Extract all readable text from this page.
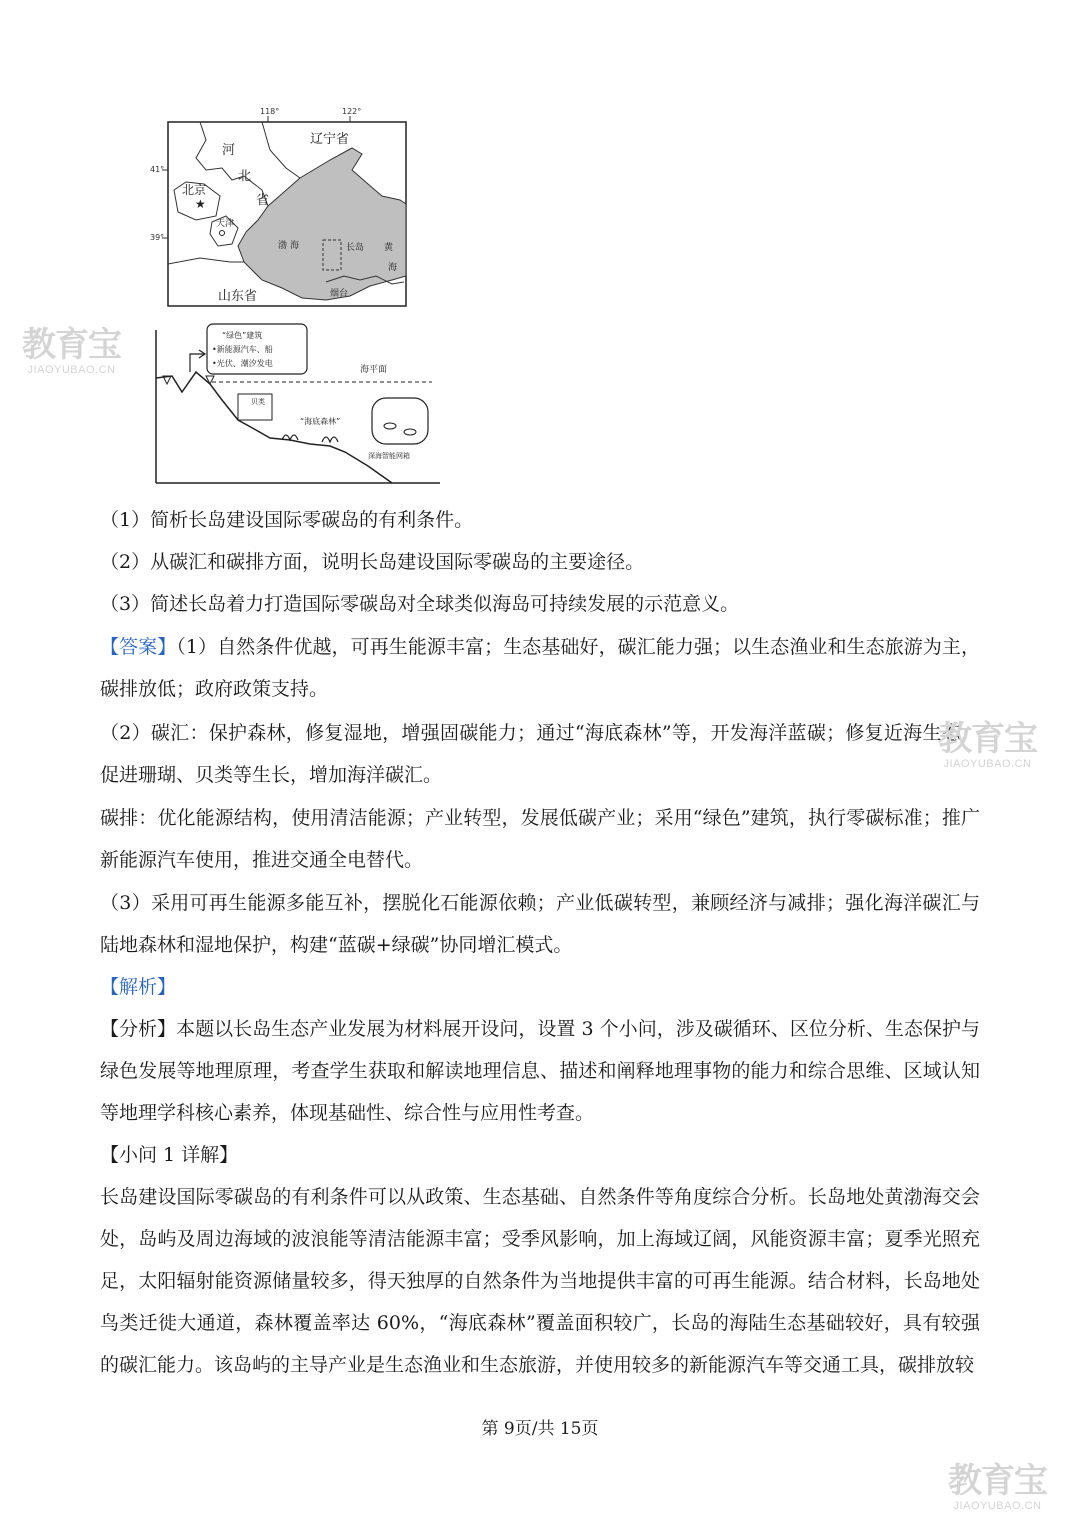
118°	122°
41°
39°
辽宁省
河
北
省
北京
★
天津
渤 海	长岛 黄
海
烟台
山东省
海平面
“绿色”建筑
•新能源汽车、船
•光伏、潮汐发电
贝类
“海底森林”
深海智能网箱

（1）简析长岛建设国际零碳岛的有利条件。

（2）从碳汇和碳排方面，说明长岛建设国际零碳岛的主要途径。

（3）简述长岛着力打造国际零碳岛对全球类似海岛可持续发展的示范意义。

【答案】（1）自然条件优越，可再生能源丰富；生态基础好，碳汇能力强；以生态渔业和生态旅游为主，碳排放低；政府政策支持。

（2）碳汇：保护森林，修复湿地，增强固碳能力；通过“海底森林”等，开发海洋蓝碳；修复近海生态，促进珊瑚、贝类等生长，增加海洋碳汇。

碳排：优化能源结构，使用清洁能源；产业转型，发展低碳产业；采用“绿色”建筑，执行零碳标准；推广新能源汽车使用，推进交通全电替代。

（3）采用可再生能源多能互补，摆脱化石能源依赖；产业低碳转型，兼顾经济与减排；强化海洋碳汇与陆地森林和湿地保护，构建“蓝碳+绿碳”协同增汇模式。

【解析】

【分析】本题以长岛生态产业发展为材料展开设问，设置 3 个小问，涉及碳循环、区位分析、生态保护与绿色发展等地理原理，考查学生获取和解读地理信息、描述和阐释地理事物的能力和综合思维、区域认知等地理学科核心素养，体现基础性、综合性与应用性考查。

【小问 1 详解】

长岛建设国际零碳岛的有利条件可以从政策、生态基础、自然条件等角度综合分析。长岛地处黄渤海交会处，岛屿及周边海域的波浪能等清洁能源丰富；受季风影响，加上海域辽阔，风能资源丰富；夏季光照充足，太阳辐射能资源储量较多，得天独厚的自然条件为当地提供丰富的可再生能源。结合材料，长岛地处鸟类迁徙大通道，森林覆盖率达 60%，“海底森林”覆盖面积较广，长岛的海陆生态基础较好，具有较强的碳汇能力。该岛屿的主导产业是生态渔业和生态旅游，并使用较多的新能源汽车等交通工具，碳排放较

第 9页/共 15页
教育宝
JIAOYUBAO.CN
教育宝
JIAOYUBAO.CN
教育宝
JIAOYUBAO.CN
